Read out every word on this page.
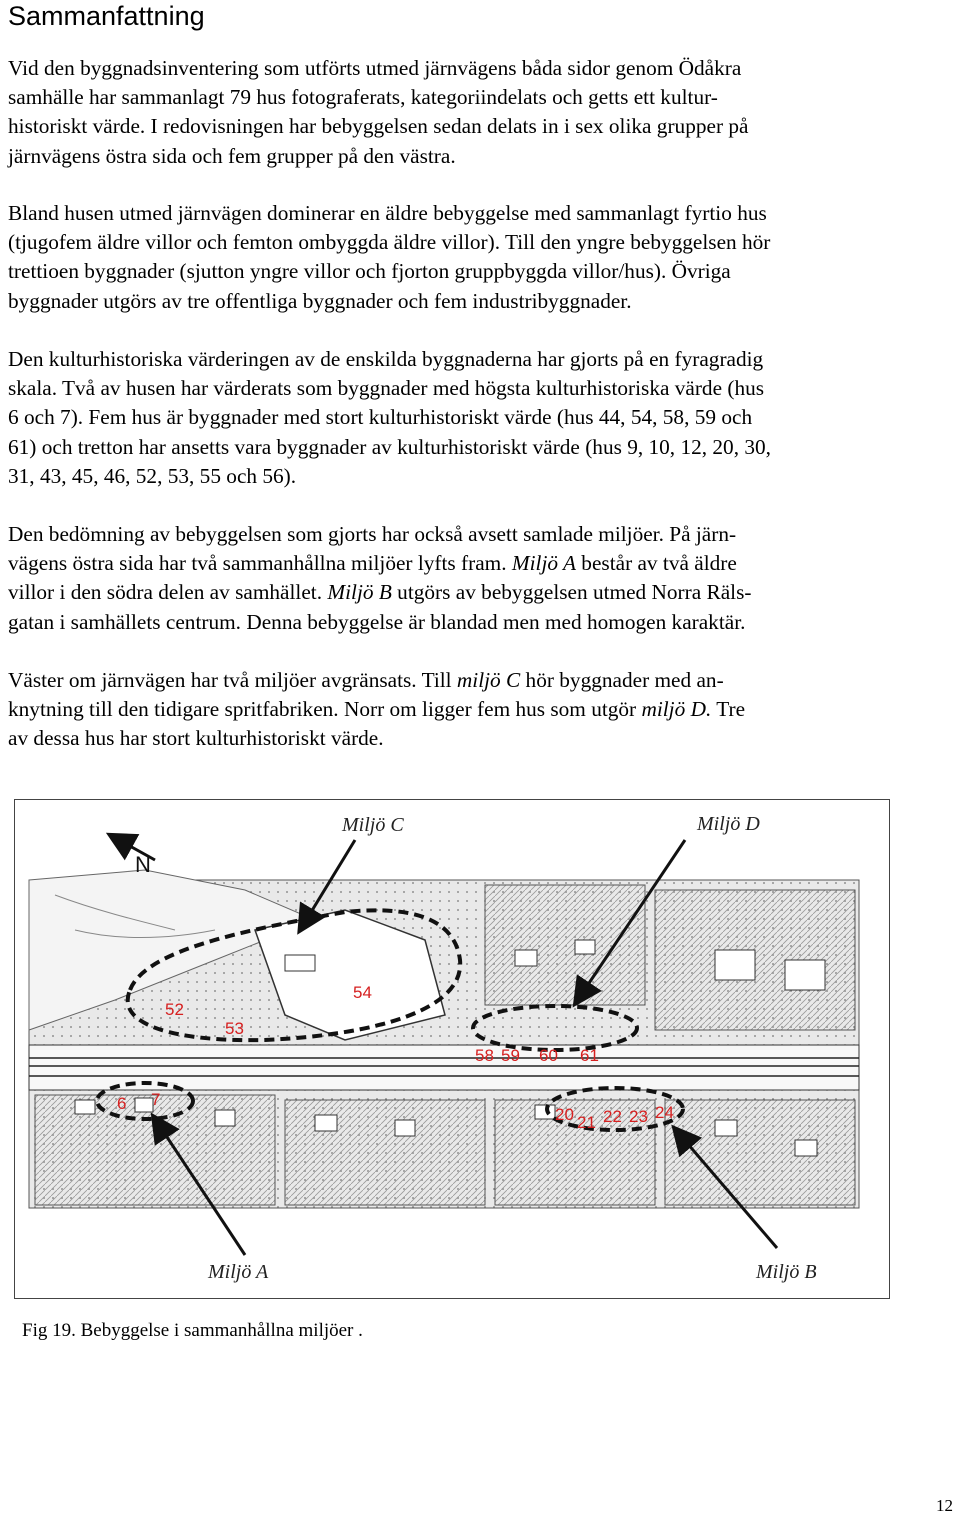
Sammanfattning

Vid den byggnadsinventering som utförts utmed järnvägens båda sidor genom Ödåkra
samhälle har sammanlagt 79 hus fotograferats, kategoriindelats och getts ett kultur-
historiskt värde. I redovisningen har bebyggelsen sedan delats in i sex olika grupper på
järnvägens östra sida och fem grupper på den västra.

Bland husen utmed järnvägen dominerar en äldre bebyggelse med sammanlagt fyrtio hus
(tjugofem äldre villor och femton ombyggda äldre villor). Till den yngre bebyggelsen hör
trettioen byggnader (sjutton yngre villor och fjorton gruppbyggda villor/hus). Övriga
byggnader utgörs av tre offentliga byggnader och fem industribyggnader.

Den kulturhistoriska värderingen av de enskilda byggnaderna har gjorts på en fyragradig
skala. Två av husen har värderats som byggnader med högsta kulturhistoriska värde (hus
6 och 7). Fem hus är byggnader med stort kulturhistoriskt värde (hus 44, 54, 58, 59 och
61) och tretton har ansetts vara byggnader av kulturhistoriskt värde (hus 9, 10, 12, 20, 30,
31, 43, 45, 46, 52, 53, 55 och 56).

Den bedömning av bebyggelsen som gjorts har också avsett samlade miljöer. På järn-
vägens östra sida har två sammanhållna miljöer lyfts fram. Miljö A består av två äldre
villor i den södra delen av samhället. Miljö B utgörs av bebyggelsen utmed Norra Räls-
gatan i samhällets centrum. Denna bebyggelse är blandad men med homogen karaktär.

Väster om järnvägen har två miljöer avgränsats. Till miljö C hör byggnader med an-
knytning till den tidigare spritfabriken. Norr om ligger fem hus som utgör miljö D. Tre
av dessa hus har stort kulturhistoriskt värde.

N
Miljö C	Miljö D
Miljö A	Miljö B
52
53
54
58 59 60 61
6 7
20 21 22 23 24

Fig 19. Bebyggelse i sammanhållna miljöer .

12
